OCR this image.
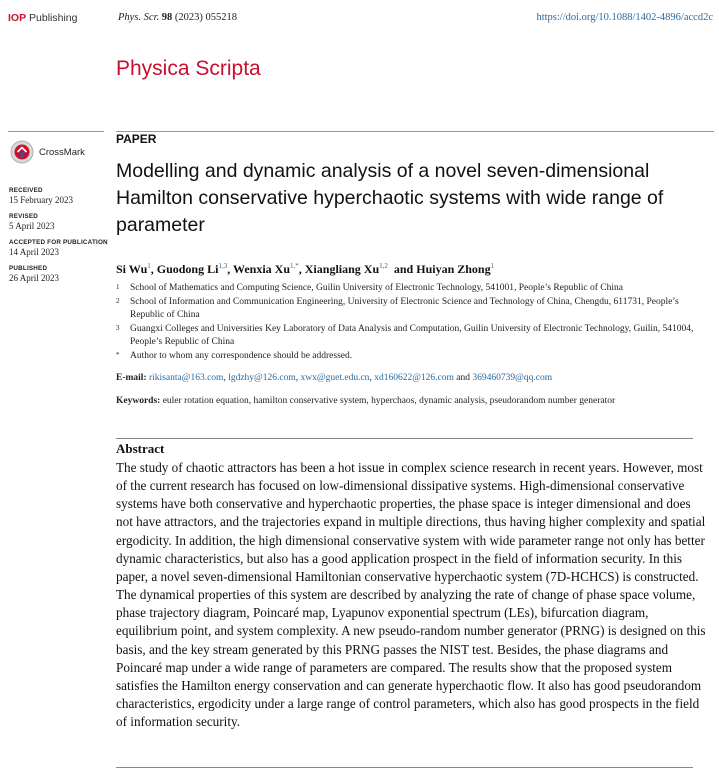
IOP Publishing	Phys. Scr. 98 (2023) 055218	https://doi.org/10.1088/1402-4896/accd2c
Physica Scripta
CrossMark
RECEIVED
15 February 2023
REVISED
5 April 2023
ACCEPTED FOR PUBLICATION
14 April 2023
PUBLISHED
26 April 2023
PAPER
Modelling and dynamic analysis of a novel seven-dimensional Hamilton conservative hyperchaotic systems with wide range of parameter
Si Wu$^1$, Guodong Li$^{1,3}$, Wenxia $Xu^{1,*}$, Xiangliang Xu$^{1,2}$  and Huiyan Zhong$^1$
1 School of Mathematics and Computing Science, Guilin University of Electronic Technology, 541001, People’s Republic of China
2 School of Information and Communication Engineering, University of Electronic Science and Technology of China, Chengdu, 611731, People’s Republic of China
3 Guangxi Colleges and Universities Key Laboratory of Data Analysis and Computation, Guilin University of Electronic Technology, Guilin, 541004, People’s Republic of China
* Author to whom any correspondence should be addressed.
E-mail: rikisanta@163.com, lgdzhy@126.com, xwx@guet.edu.cn, xd160622@126.com and 369460739@qq.com
Keywords: euler rotation equation, hamilton conservative system, hyperchaos, dynamic analysis, pseudorandom number generator
Abstract

The study of chaotic attractors has been a hot issue in complex science research in recent years. However, most of the current research has focused on low-dimensional dissipative systems. High-dimensional conservative systems have both conservative and hyperchaotic properties, the phase space is integer dimensional and does not have attractors, and the trajectories expand in multiple directions, thus having higher complexity and spatial ergodicity. In addition, the high dimensional conservative system with wide parameter range not only has better dynamic characteristics, but also has a good application prospect in the field of information security. In this paper, a novel seven-dimensional Hamiltonian conservative hyperchaotic system (7D-HCHCS) is constructed. The dynamical properties of this system are described by analyzing the rate of change of phase space volume, phase trajectory diagram, Poincaré map, Lyapunov exponential spectrum (LEs), bifurcation diagram, equilibrium point, and system complexity. A new pseudo-random number generator (PRNG) is designed on this basis, and the key stream generated by this PRNG passes the NIST test. Besides, the phase diagrams and Poincaré map under a wide range of parameters are compared. The results show that the proposed system satisfies the Hamilton energy conservation and can generate hyperchaotic flow. It also has good pseudorandom characteristics, ergodicity under a large range of control parameters, which also has good prospects in the field of information security.
